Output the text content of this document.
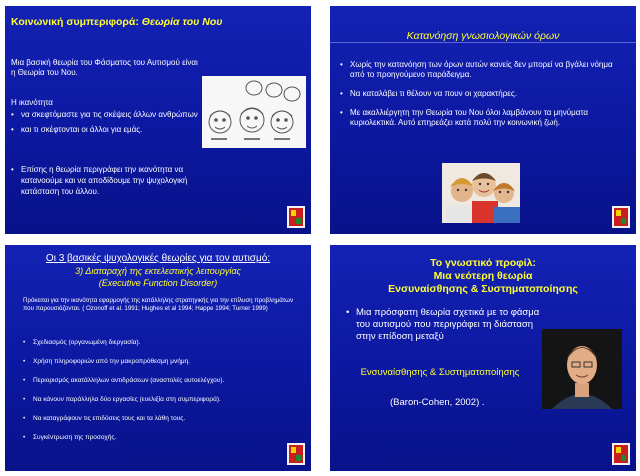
Κοινωνική συμπεριφορά: Θεωρία του Νου
Μια βασική θεωρία του Φάσματος του Αυτισμού είναι η Θεωρία του Νου.
Η ικανότητα
• να σκεφτόμαστε για τις σκέψεις άλλων ανθρώπων
• και τι σκέφτονται οι άλλοι για εμάς.
• Επίσης η θεωρία περιγράφει την ικανότητα να κατανοούμε και να αποδίδουμε την ψυχολογική κατάσταση του άλλου.
Κατανόηση γνωσιολογικών όρων
• Χωρίς την κατανόηση των όρων αυτών κανείς δεν μπορεί να βγάλει νόημα από το προηγούμενο παράδειγμα.
• Να καταλάβει τι θέλουν να πουν οι χαρακτήρες.
• Με ακαλλιέργητη την Θεωρία του Νου όλοι λαμβάνουν τα μηνύματα κυριολεκτικά. Αυτό επηρεάζει κατά πολύ την κοινωνική ζωή.
Οι 3 βασικές ψυχολογικές θεωρίες για τον αυτισμό:
3) Διαταραχή της εκτελεστικής λειτουργίας
(Executive Function Disorder)
Πρόκειται για την ικανότητα εφαρμογής της κατάλληλης στρατηγικής για την επίλυση προβλημάτων που παρουσιάζονται. ( Ozonoff et al. 1991; Hughes et al 1994; Happe 1994; Turner 1999)
• Σχεδιασμός (οργανωμένη διεργασία).
• Χρήση πληροφοριών από την μακροπρόθεσμη μνήμη.
• Περιορισμός ακατάλληλων αντιδράσεων (αναστολές αυτοελέγχου).
• Να κάνουν παράλληλα δύο εργασίες (ευελιξία στη συμπεριφορά).
• Να καταγράφουν τις επιδόσεις τους και τα λάθη τους.
• Συγκέντρωση της προσοχής.
Το γνωστικό προφίλ:
Μια νεότερη θεωρία
Ενσυναίσθησης & Συστηματοποίησης
• Μια πρόσφατη θεωρία σχετικά με το φάσμα του αυτισμού που περιγράφει τη διάσταση στην επίδοση μεταξύ
Ενσυναίσθησης & Συστηματοποίησης
(Baron-Cohen, 2002) .
